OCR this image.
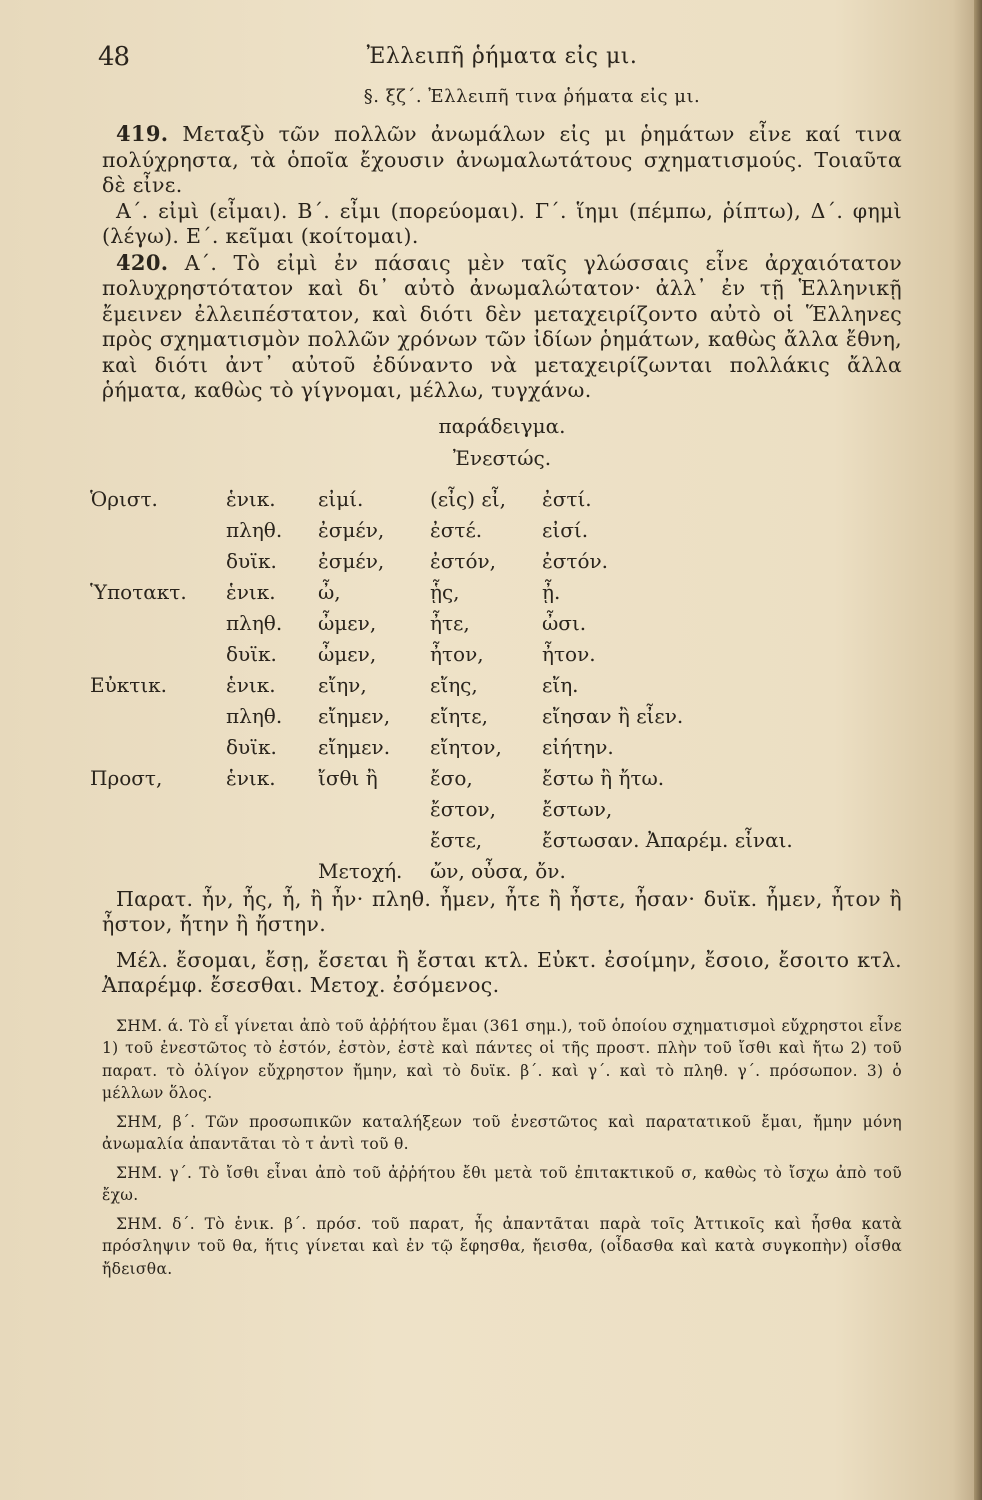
48	Ἐλλειπῆ ῥήματα εἰς μι.
§. ξζ΄. Ἐλλειπῆ τινα ῥήματα εἰς μι.

419. Μεταξὺ τῶν πολλῶν ἀνωμάλων εἰς μι ῥημάτων εἶνε καί τινα πολύχρηστα, τὰ ὁποῖα ἔχουσιν ἀνωμαλωτάτους σχηματισμούς. Τοιαῦτα δὲ εἶνε.

Α΄. εἰμὶ (εἶμαι). Β΄. εἶμι (πορεύομαι). Γ΄. ἵημι (πέμπω, ῥίπτω), Δ΄. φημὶ (λέγω). Ε΄. κεῖμαι (κοίτομαι).

420. Α΄. Τὸ εἰμὶ ἐν πάσαις μὲν ταῖς γλώσσαις εἶνε ἀρχαιότατον πολυχρηστότατον καὶ δι᾽ αὐτὸ ἀνωμαλώτατον· ἀλλ᾽ ἐν τῇ Ἑλληνικῇ ἔμεινεν ἐλλειπέστατον, καὶ διότι δὲν μεταχειρίζοντο αὐτὸ οἱ Ἕλληνες πρὸς σχηματισμὸν πολλῶν χρόνων τῶν ἰδίων ῥημάτων, καθὼς ἄλλα ἔθνη, καὶ διότι ἀντ᾽ αὐτοῦ ἐδύναντο νὰ μεταχειρίζωνται πολλάκις ἄλλα ῥήματα, καθὼς τὸ γίγνομαι, μέλλω, τυγχάνω.

παράδειγμα.
Ἐνεστώς.
Ὁριστ.	ἑνικ.	εἰμί.	(εἶς) εἶ,	ἐστί.
	πληθ.	ἐσμέν,	ἐστέ.	εἰσί.
	δυϊκ.	ἐσμέν,	ἐστόν,	ἐστόν.
Ὑποτακτ.	ἑνικ.	ὦ,	ᾗς,	ᾖ.
	πληθ.	ὦμεν,	ἦτε,	ὦσι.
	δυϊκ.	ὦμεν,	ἦτον,	ἦτον.
Εὐκτικ.	ἑνικ.	εἴην,	εἴης,	εἴη.
	πληθ.	εἴημεν,	εἴητε,	εἴησαν ἢ εἶεν.
	δυϊκ.	εἴημεν.	εἴητον,	εἰήτην.
Προστ,	ἑνικ.	ἴσθι ἢ	ἔσο,	ἔστω ἢ ἤτω.
			ἔστον,	ἔστων,
			ἔστε,	ἔστωσαν. Ἀπαρέμ. εἶναι.
		Μετοχή.	ὤν, οὖσα, ὄν.	

Παρατ. ἦν, ἦς, ἦ, ἢ ἦν· πληθ. ἦμεν, ἦτε ἢ ἦστε, ἦσαν· δυϊκ. ἦμεν, ἦτον ἢ ἦστον, ἤτην ἢ ἤστην.

Μέλ. ἔσομαι, ἔσῃ, ἔσεται ἢ ἔσται κτλ. Εὐκτ. ἐσοίμην, ἔσοιο, ἔσοιτο κτλ. Ἀπαρέμφ. ἔσεσθαι. Μετοχ. ἐσόμενος.

ΣΗΜ. ά. Τὸ εἶ γίνεται ἀπὸ τοῦ ἀῤῥήτου ἔμαι (361 σημ.), τοῦ ὁποίου σχηματισμοὶ εὔχρηστοι εἶνε 1) τοῦ ἐνεστῶτος τὸ ἐστόν, ἐστὸν, ἐστὲ καὶ πάντες οἱ τῆς προστ. πλὴν τοῦ ἴσθι καὶ ἤτω 2) τοῦ παρατ. τὸ ὀλίγον εὔχρηστον ἤμην, καὶ τὸ δυϊκ. β΄. καὶ γ΄. καὶ τὸ πληθ. γ΄. πρόσωπον. 3) ὁ μέλλων ὅλος.

ΣΗΜ, β΄. Τῶν προσωπικῶν καταλήξεων τοῦ ἐνεστῶτος καὶ παρατατικοῦ ἔμαι, ἤμην μόνη ἀνωμαλία ἀπαντᾶται τὸ τ ἀντὶ τοῦ θ.

ΣΗΜ. γ΄. Τὸ ἴσθι εἶναι ἀπὸ τοῦ ἀῤῥήτου ἔθι μετὰ τοῦ ἐπιτακτικοῦ σ, καθὼς τὸ ἴσχω ἀπὸ τοῦ ἔχω.

ΣΗΜ. δ΄. Τὸ ἑνικ. β΄. πρόσ. τοῦ παρατ, ἦς ἀπαντᾶται παρὰ τοῖς Ἀττικοῖς καὶ ἦσθα κατὰ πρόσληψιν τοῦ θα, ἥτις γίνεται καὶ ἐν τῷ ἔφησθα, ἤεισθα, (οἶδασθα καὶ κατὰ συγκοπὴν) οἶσθα ἤδεισθα.
